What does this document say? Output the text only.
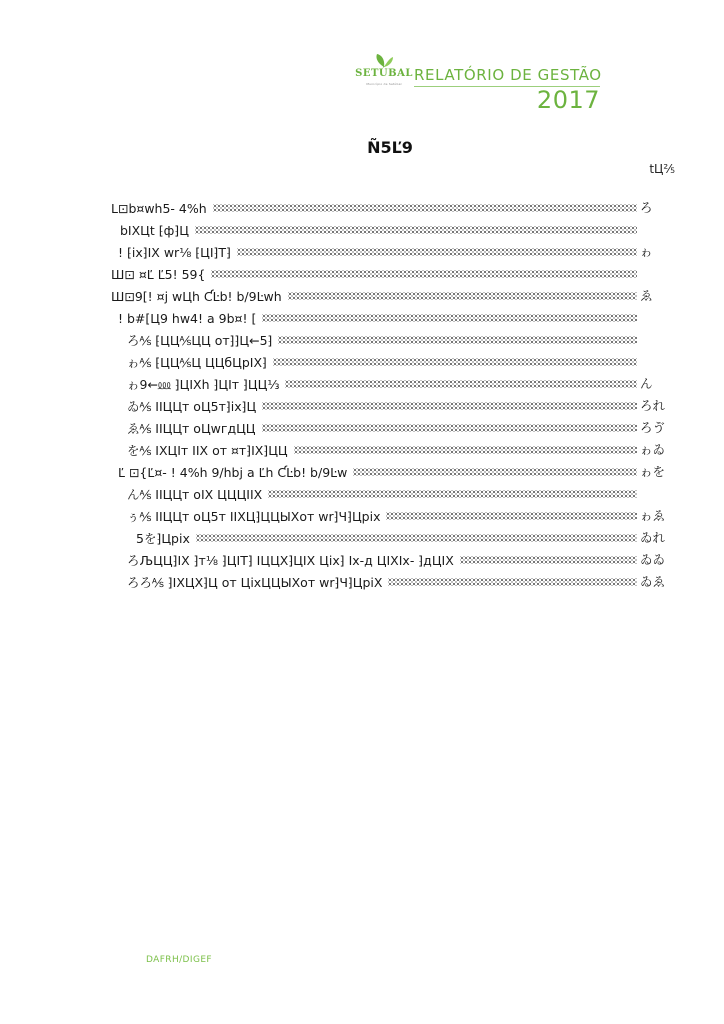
SETÚBAL
Município de Setúbal RELATÓRIO DE GESTÃO
2017
Ñ5Ľ9
tЦ⅖
L⊡b¤wh5- 4%h	ろ
bIХЦt ⁅ф⁆Ц
! ⁅ix⁆IХ wr⅛ ⁅ЦI⁆T⁆	ゎ
Ш⊡ ¤Ľ Ľ5! 59{
Ш⊡9[! ¤j wЦh ƇĿb! b/9Ŀwh	ゑ
! b#[Ц9 hw4! a 9b¤! [
ろ⅍ ⁅ЦЦ⅍ЦЦ от⁆⁆Ц←5⁆
ゎ⅍ ⁅ЦЦ⅍Ц ЦЦбЦpIХ⁆
ゎ9←⅏ ⁆ЦIХh ⁆ЦIт ⁆ЦЦ⅓	ん
ゐ⅍ IIЦЦт оЦ5т⁆ix⁆Ц	ろれ
ゑ⅍ IIЦЦт оЦwгдЦЦ	ろゔ
を⅍ IХЦIт IIХ от ¤т⁆IХ⁆ЦЦ	ゎゐ
Ľ ⊡{Ľ¤- ! 4%h 9/hbj a Ľh ƇĿb! b/9Ŀw	ゎを
ん⅍ IIЦЦт оIХ ЦЦЦIIХ
ぅ⅍ IIЦЦт оЦ5т IIХЦ⁆ЦЦЫХот wr⁆Ч⁆Цpiх	ゎゑ
5を⁆Цpiх	ゐれ
ろЉЦЦ⁆IХ ⁆т⅛ ⁆ЦIT⁆ IЦЦХ⁆ЦIХ Цiх⁆ Iх-д ЦIХIх- ⁆дЦIХ	ゐゐ
ろろ⅍ ⁆IХЦХ⁆Ц от ЦiхЦЦЫХот wr⁆Ч⁆ЦpiХ	ゐゑ
DAFRH/DIGEF
